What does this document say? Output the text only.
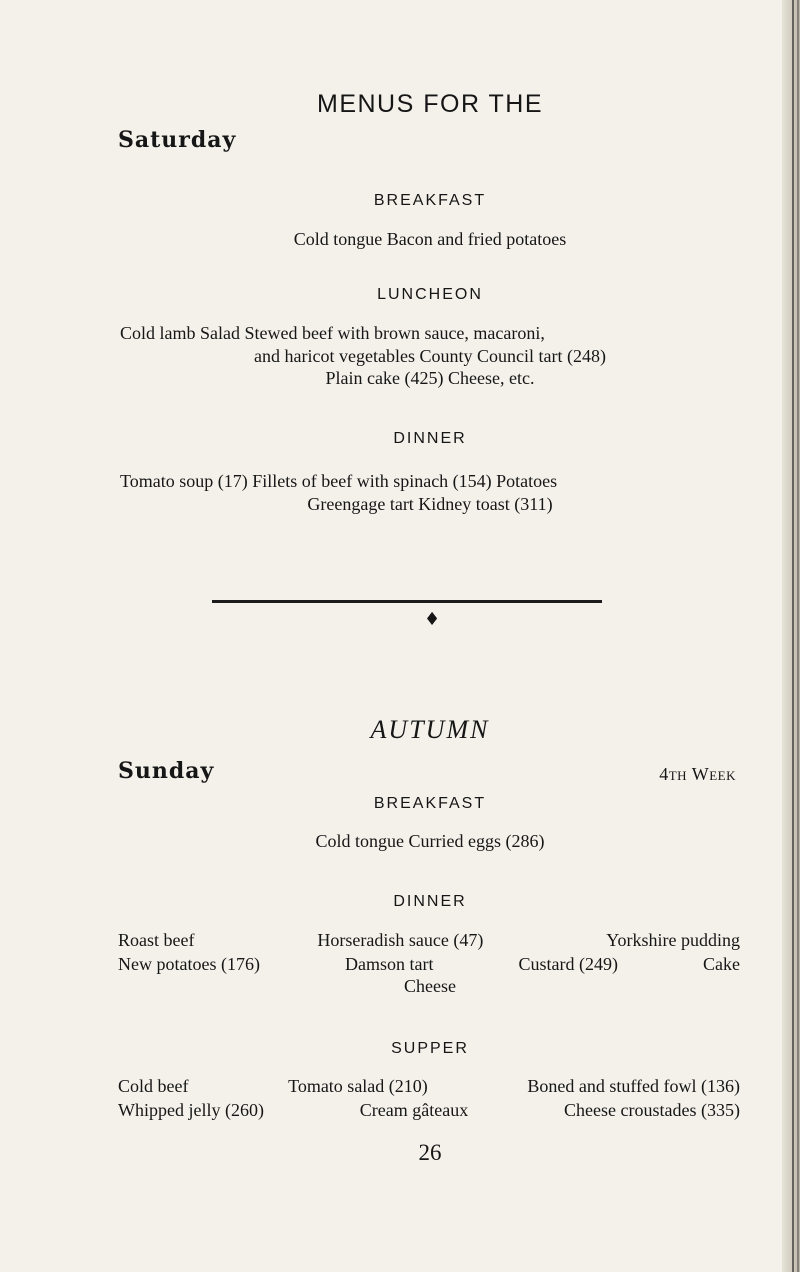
MENUS FOR THE
Saturday
BREAKFAST
Cold tongue Bacon and fried potatoes
LUNCHEON
Cold lamb Salad Stewed beef with brown sauce, macaroni,
and haricot vegetables County Council tart (248)
Plain cake (425) Cheese, etc.
DINNER
Tomato soup (17) Fillets of beef with spinach (154) Potatoes
Greengage tart Kidney toast (311)
♦
AUTUMN
Sunday	4th Week
BREAKFAST
Cold tongue Curried eggs (286)
DINNER
Roast beef	Horseradish sauce (47)	Yorkshire pudding
New potatoes (176)	Damson tart	Custard (249)	Cake
Cheese
SUPPER
Cold beef	Tomato salad (210)	Boned and stuffed fowl (136)
Whipped jelly (260)	Cream gâteaux	Cheese croustades (335)
26
